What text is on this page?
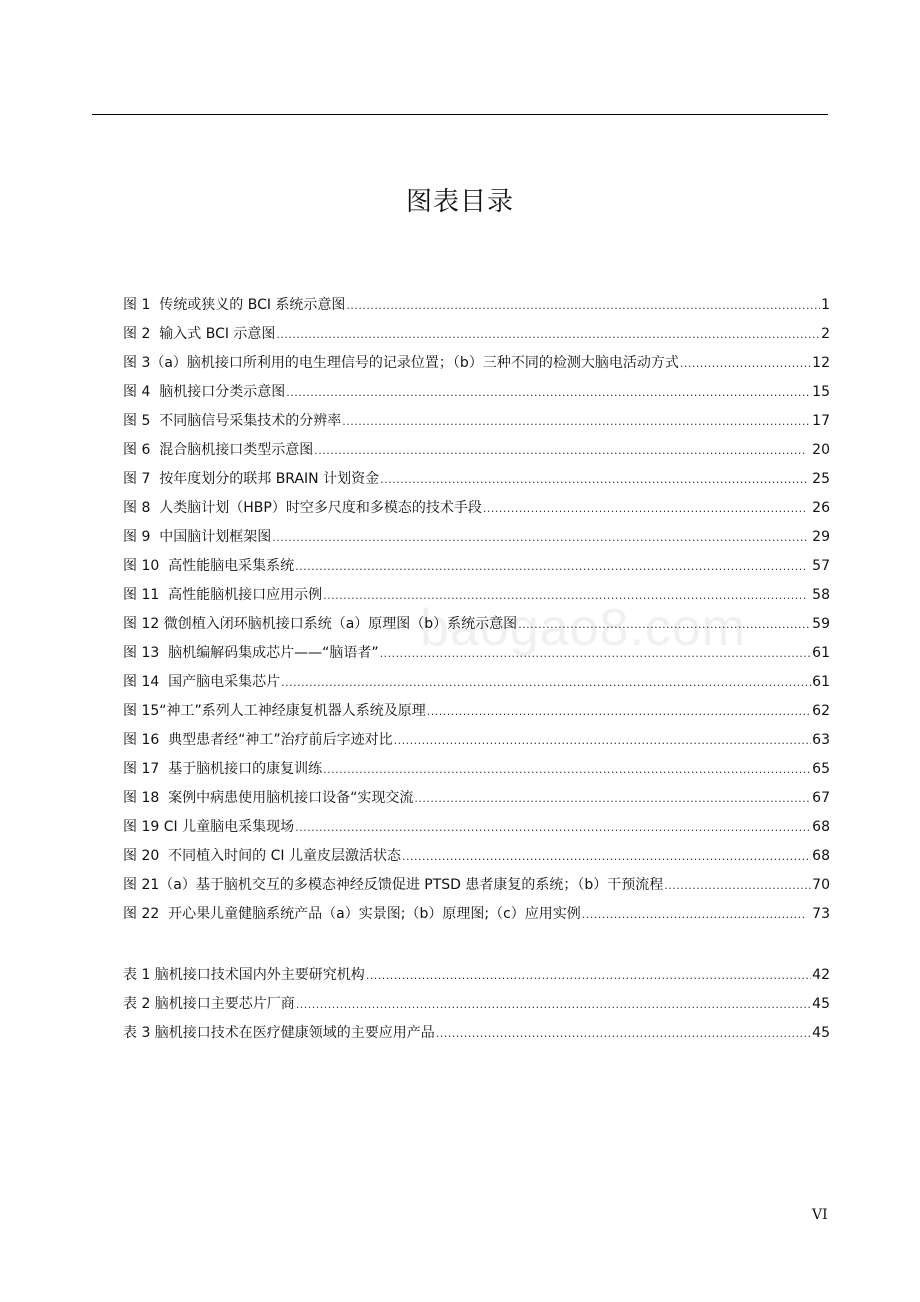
图表目录
baogao8.com
图 1  传统或狭义的 BCI 系统示意图 .....	1
图 2  输入式 BCI 示意图 .....	2
图 3（a）脑机接口所利用的电生理信号的记录位置；（b）三种不同的检测大脑电活动方式 .....	12
图 4  脑机接口分类示意图 .....	15
图 5  不同脑信号采集技术的分辨率 .....	17
图 6  混合脑机接口类型示意图 .....	20
图 7  按年度划分的联邦 BRAIN 计划资金 .....	25
图 8  人类脑计划（HBP）时空多尺度和多模态的技术手段 .....	26
图 9  中国脑计划框架图 .....	29
图 10  高性能脑电采集系统 .....	57
图 11  高性能脑机接口应用示例 .....	58
图 12 微创植入闭环脑机接口系统（a）原理图（b）系统示意图 .....	59
图 13  脑机编解码集成芯片——“脑语者” .....	61
图 14  国产脑电采集芯片 .....	61
图 15“神工”系列人工神经康复机器人系统及原理 .....	62
图 16  典型患者经“神工”治疗前后字迹对比 .....	63
图 17  基于脑机接口的康复训练 .....	65
图 18  案例中病患使用脑机接口设备“实现交流 .....	67
图 19 CI 儿童脑电采集现场 .....	68
图 20  不同植入时间的 CI 儿童皮层激活状态 .....	68
图 21（a）基于脑机交互的多模态神经反馈促进 PTSD 患者康复的系统；（b）干预流程 .....	70
图 22  开心果儿童健脑系统产品（a）实景图;（b）原理图;（c）应用实例 .....	73
表 1 脑机接口技术国内外主要研究机构 .....	42
表 2 脑机接口主要芯片厂商 .....	45
表 3 脑机接口技术在医疗健康领域的主要应用产品 .....	45
VI
